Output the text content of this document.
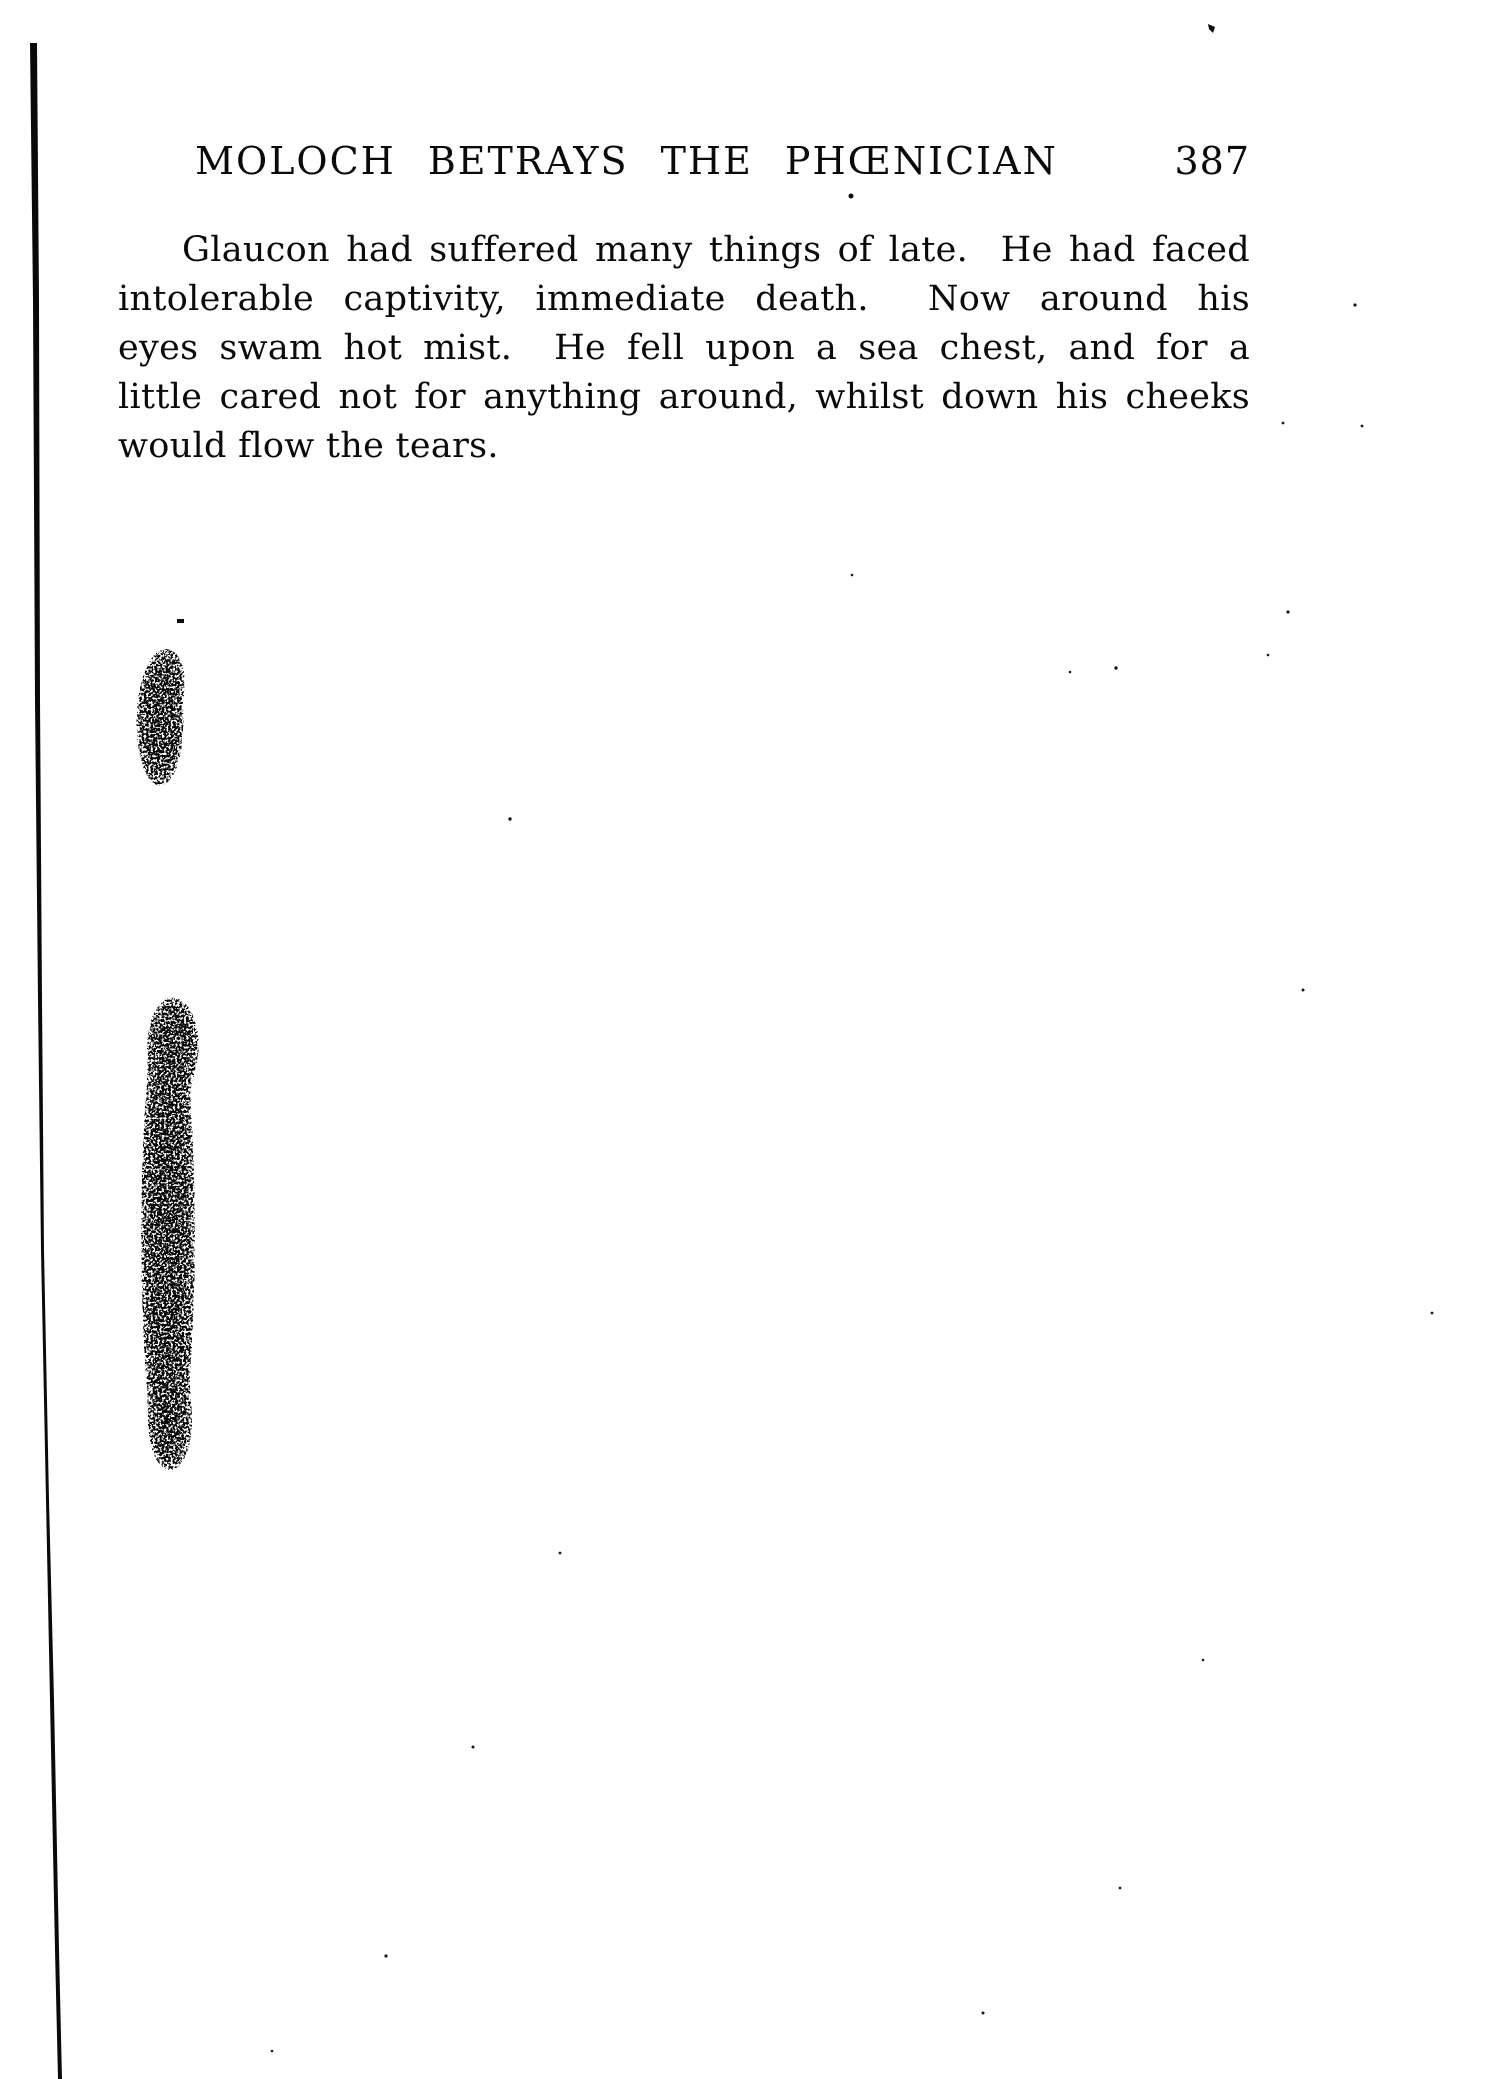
MOLOCH BETRAYS THE PHŒNICIAN	387
Glaucon had suffered many things of late.  He had faced
intolerable captivity, immediate death.  Now around his
eyes swam hot mist.  He fell upon a sea chest, and for a
little cared not for anything around, whilst down his cheeks
would flow the tears.
